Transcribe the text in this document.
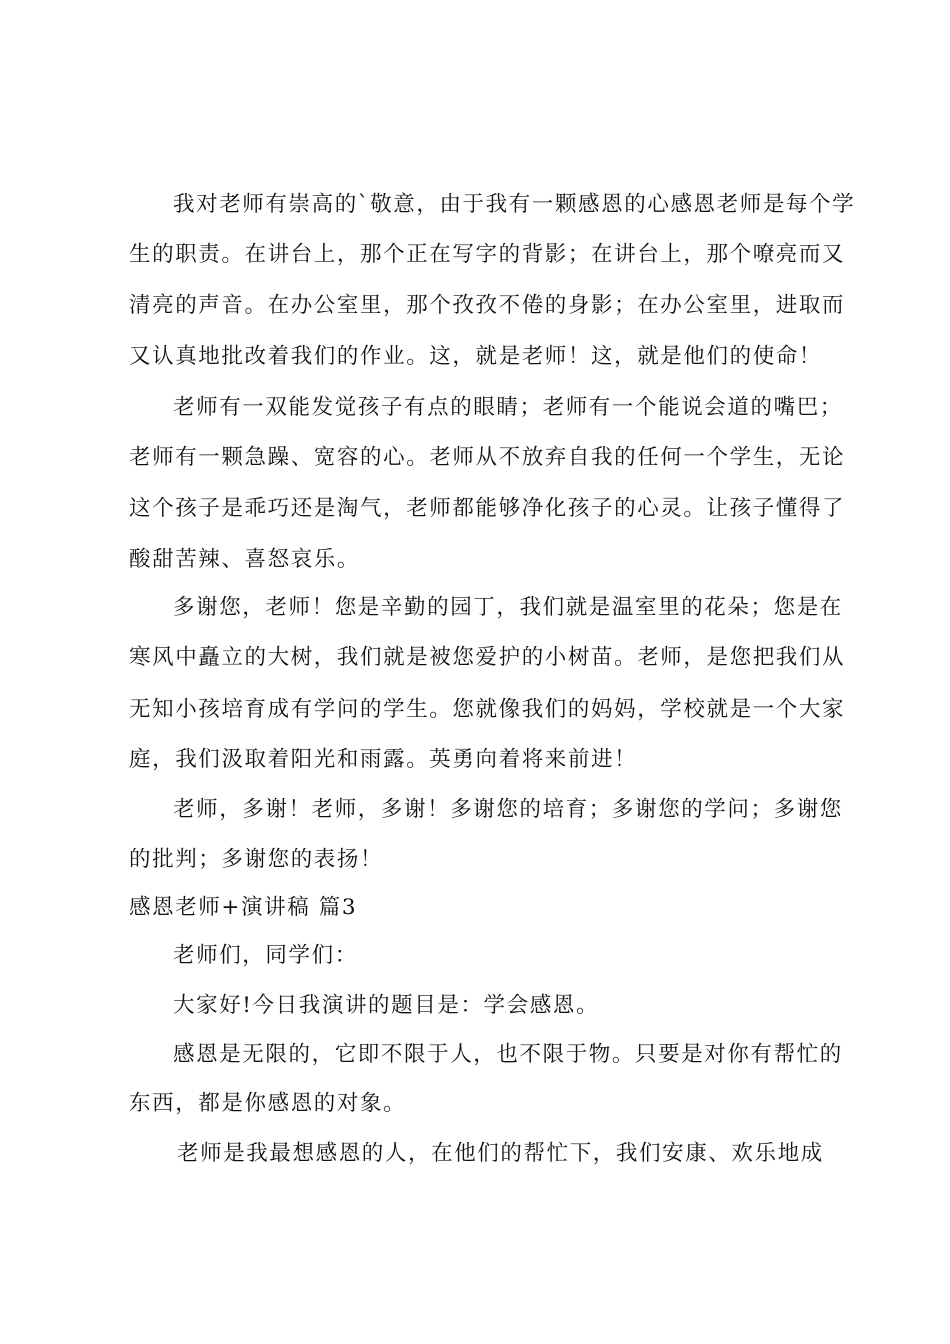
我对老师有崇高的`敬意，由于我有一颗感恩的心感恩老师是每个学
生的职责。在讲台上，那个正在写字的背影；在讲台上，那个嘹亮而又
清亮的声音。在办公室里，那个孜孜不倦的身影；在办公室里，进取而
又认真地批改着我们的作业。这，就是老师！这，就是他们的使命！
老师有一双能发觉孩子有点的眼睛；老师有一个能说会道的嘴巴；
老师有一颗急躁、宽容的心。老师从不放弃自我的任何一个学生，无论
这个孩子是乖巧还是淘气，老师都能够净化孩子的心灵。让孩子懂得了
酸甜苦辣、喜怒哀乐。
多谢您，老师！您是辛勤的园丁，我们就是温室里的花朵；您是在
寒风中矗立的大树，我们就是被您爱护的小树苗。老师，是您把我们从
无知小孩培育成有学问的学生。您就像我们的妈妈，学校就是一个大家
庭，我们汲取着阳光和雨露。英勇向着将来前进！
老师，多谢！老师，多谢！多谢您的培育；多谢您的学问；多谢您
的批判；多谢您的表扬！
感恩老师+演讲稿 篇3
老师们，同学们：
大家好!今日我演讲的题目是：学会感恩。
感恩是无限的，它即不限于人，也不限于物。只要是对你有帮忙的
东西，都是你感恩的对象。
老师是我最想感恩的人，在他们的帮忙下，我们安康、欢乐地成
